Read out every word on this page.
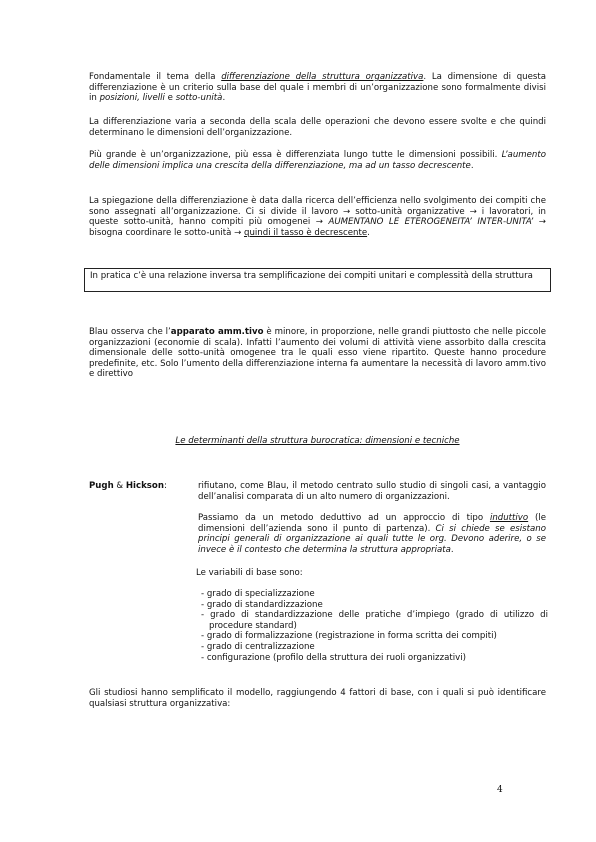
Fondamentale il tema della differenziazione della struttura organizzativa. La dimensione di questa differenziazione è un criterio sulla base del quale i membri di un’organizzazione sono formalmente divisi in posizioni, livelli e sotto-unità.

La differenziazione varia a seconda della scala delle operazioni che devono essere svolte e che quindi determinano le dimensioni dell’organizzazione.

Più grande è un’organizzazione, più essa è differenziata lungo tutte le dimensioni possibili. L’aumento delle dimensioni implica una crescita della differenziazione, ma ad un tasso decrescente.

La spiegazione della differenziazione è data dalla ricerca dell’efficienza nello svolgimento dei compiti che sono assegnati all’organizzazione. Ci si divide il lavoro → sotto-unità organizzative → i lavoratori, in queste sotto-unità, hanno compiti più omogenei → AUMENTANO LE ETEROGENEITA’ INTER-UNITA’ → bisogna coordinare le sotto-unità → quindi il tasso è decrescente.

In pratica c’è una relazione inversa tra semplificazione dei compiti unitari e complessità della struttura

Blau osserva che l’apparato amm.tivo è minore, in proporzione, nelle grandi piuttosto che nelle piccole organizzazioni (economie di scala). Infatti l’aumento dei volumi di attività viene assorbito dalla crescita dimensionale delle sotto-unità omogenee tra le quali esso viene ripartito. Queste hanno procedure predefinite, etc. Solo l’umento della differenziazione interna fa aumentare la necessità di lavoro amm.tivo e direttivo

Le determinanti della struttura burocratica: dimensioni e tecniche

Pugh & Hickson:	rifiutano, come Blau, il metodo centrato sullo studio di singoli casi, a vantaggio dell’analisi comparata di un alto numero di organizzazioni.

Passiamo da un metodo deduttivo ad un approccio di tipo induttivo (le dimensioni dell’azienda sono il punto di partenza). Ci si chiede se esistano principi generali di organizzazione ai quali tutte le org. Devono aderire, o se invece è il contesto che determina la struttura appropriata.

Le variabili di base sono:

- grado di specializzazione
- grado di standardizzazione
- grado di standardizzazione delle pratiche d’impiego (grado di utilizzo di procedure standard)
- grado di formalizzazione (registrazione in forma scritta dei compiti)
- grado di centralizzazione
- configurazione (profilo della struttura dei ruoli organizzativi)

Gli studiosi hanno semplificato il modello, raggiungendo 4 fattori di base, con i quali si può identificare qualsiasi struttura organizzativa:

4
